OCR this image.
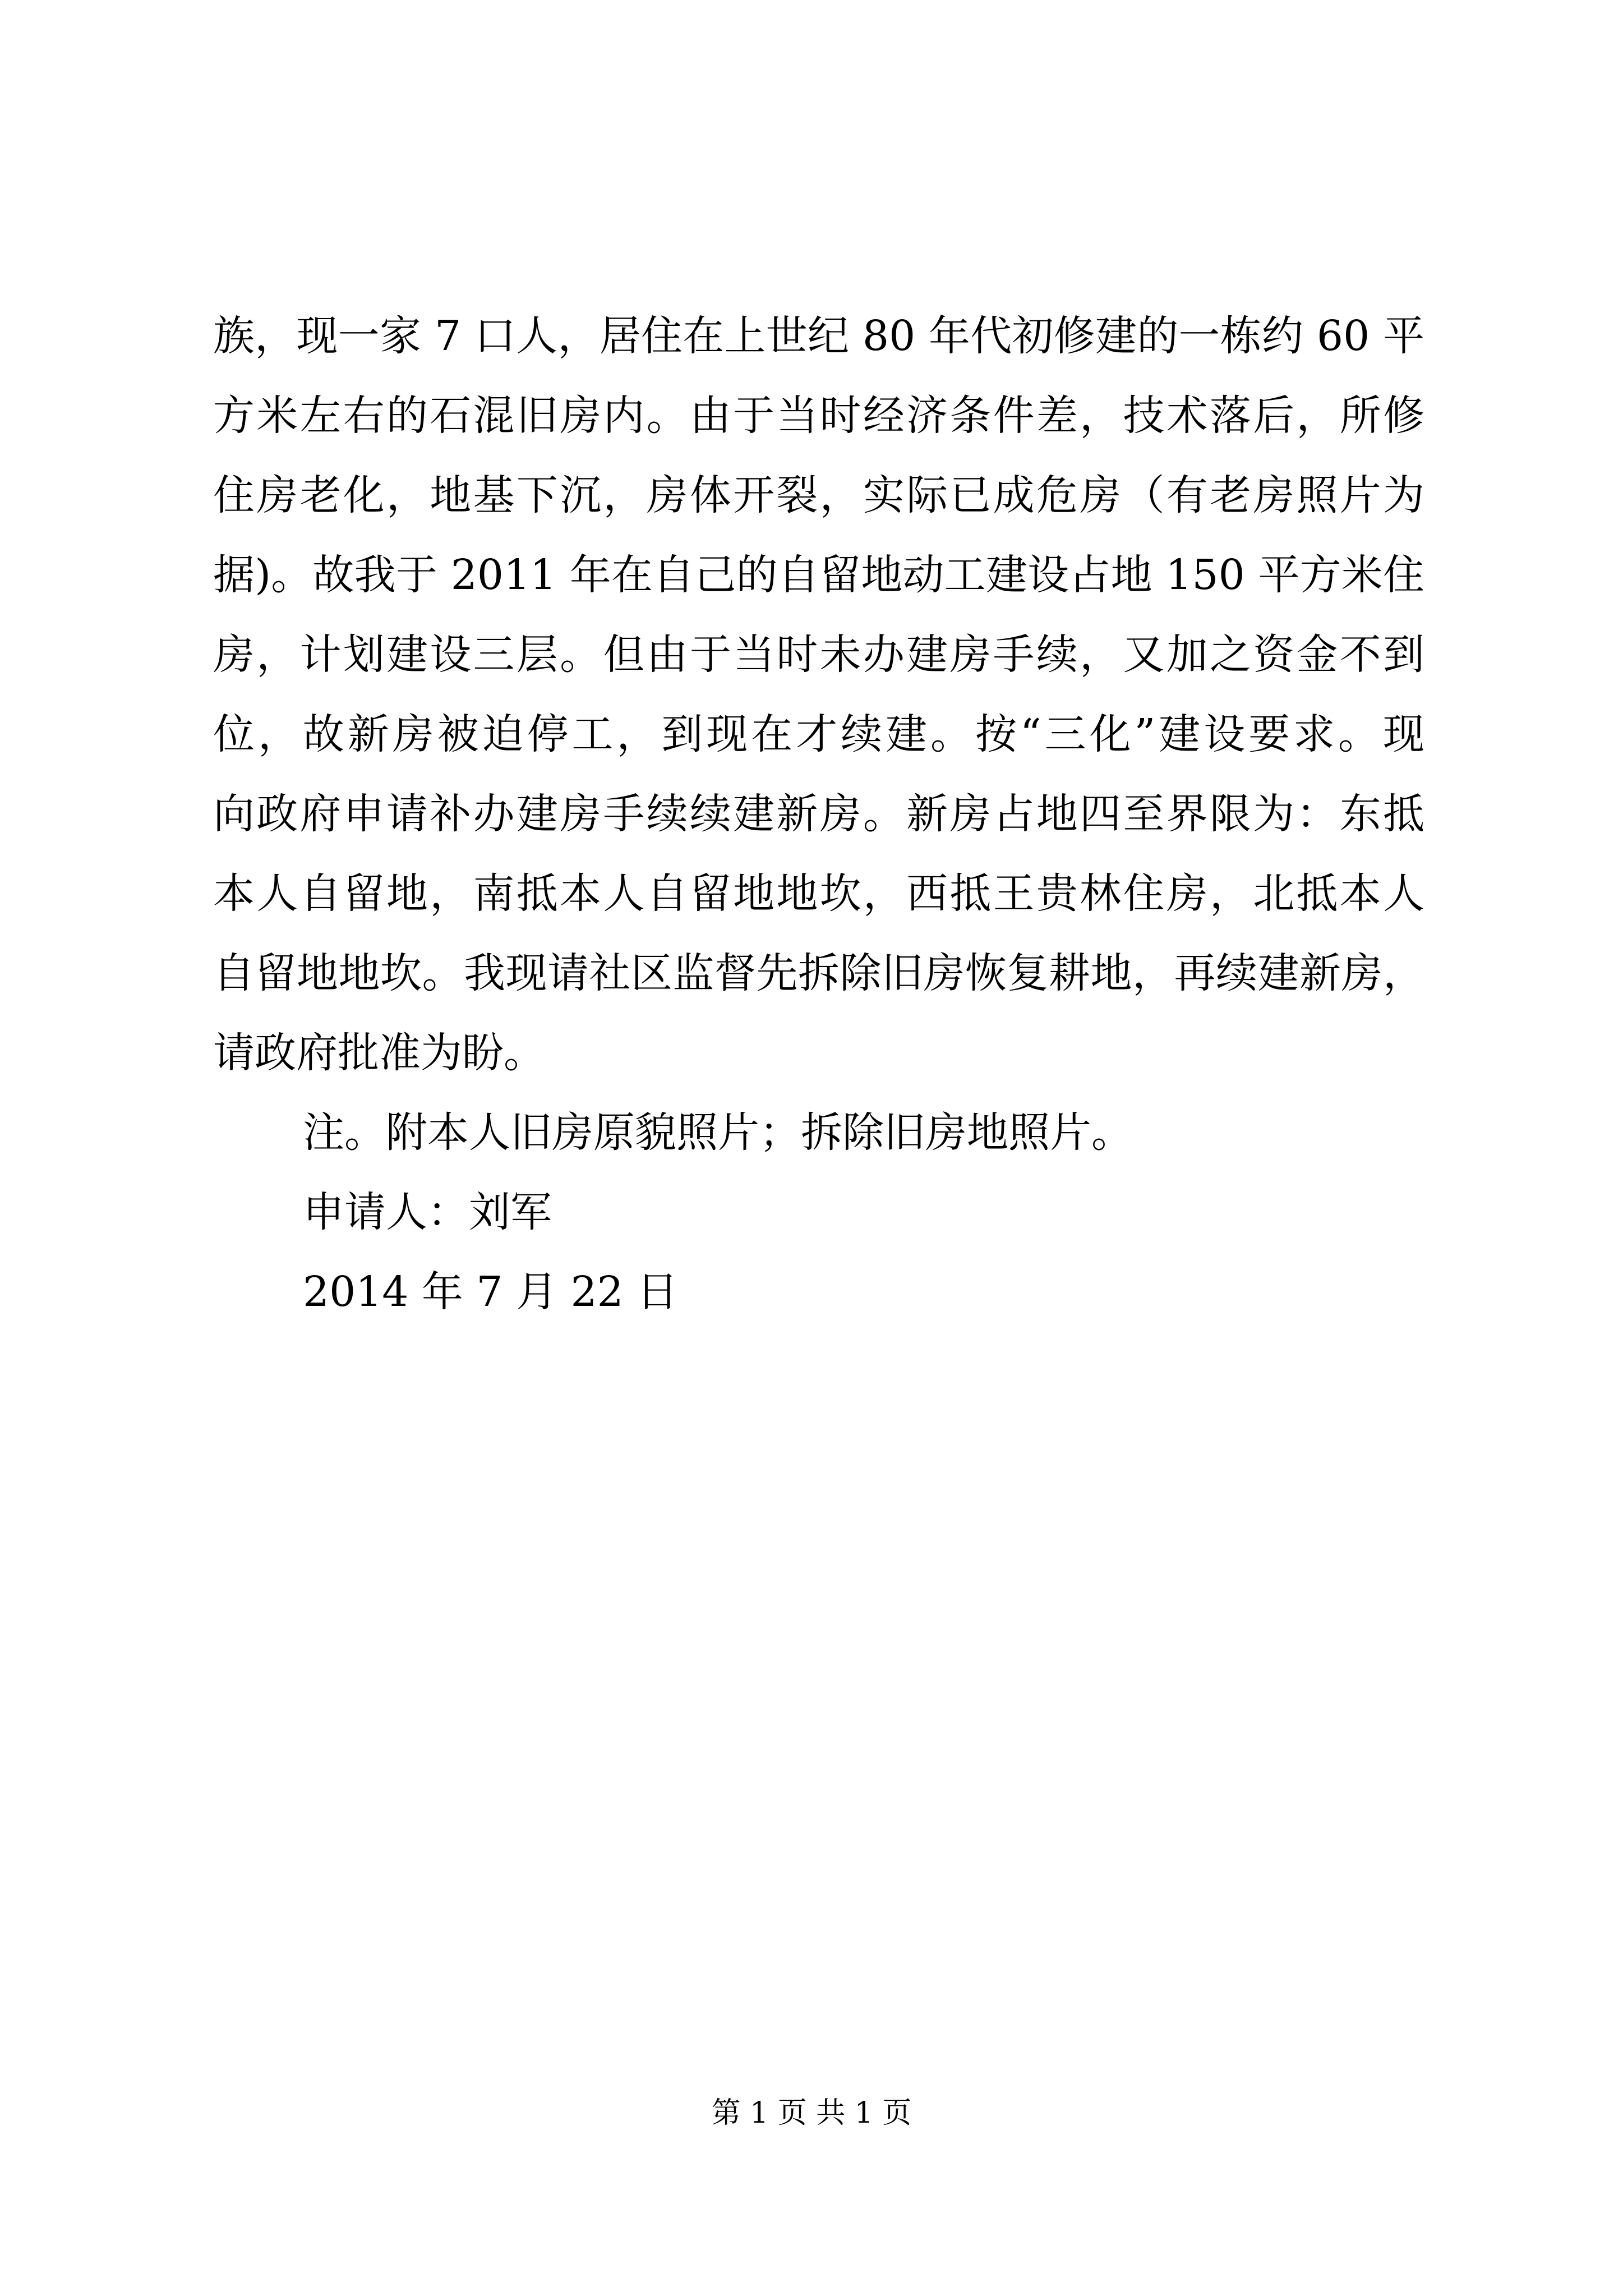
族，现一家 7 口人，居住在上世纪 80 年代初修建的一栋约 60 平
方米左右的石混旧房内。由于当时经济条件差，技术落后，所修
住房老化，地基下沉，房体开裂，实际已成危房（有老房照片为
据)。故我于 2011 年在自己的自留地动工建设占地 150 平方米住
房，计划建设三层。但由于当时未办建房手续，又加之资金不到
位，故新房被迫停工，到现在才续建。按“三化”建设要求。现
向政府申请补办建房手续续建新房。新房占地四至界限为：东抵
本人自留地，南抵本人自留地地坎，西抵王贵林住房，北抵本人
自留地地坎。我现请社区监督先拆除旧房恢复耕地，再续建新房，
请政府批准为盼。
注。附本人旧房原貌照片；拆除旧房地照片。
申请人：刘军
2014 年 7 月 22 日
第 1 页 共 1 页
